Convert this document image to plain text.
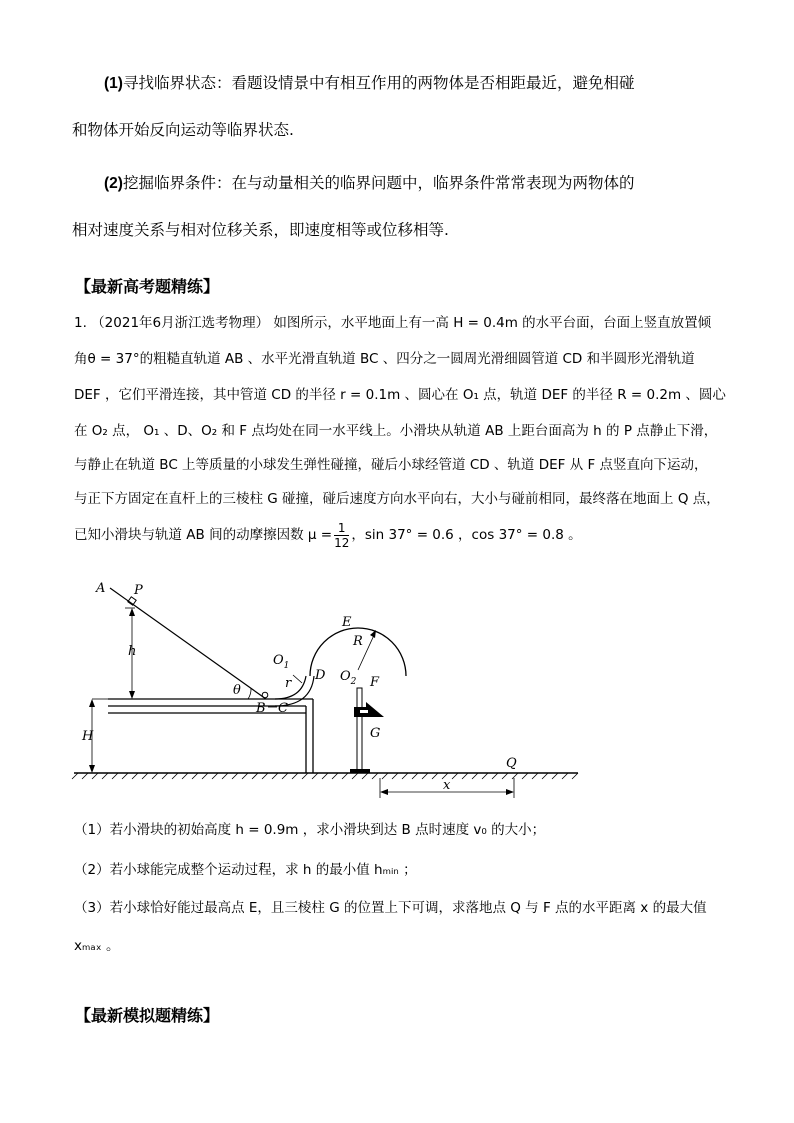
(1)寻找临界状态：看题设情景中有相互作用的两物体是否相距最近，避免相碰
和物体开始反向运动等临界状态.
(2)挖掘临界条件：在与动量相关的临界问题中，临界条件常常表现为两物体的
相对速度关系与相对位移关系，即速度相等或位移相等.
【最新高考题精练】
1. （2021年6月浙江选考物理） 如图所示，水平地面上有一高 H = 0.4m 的水平台面，台面上竖直放置倾
角θ = 37°的粗糙直轨道 AB 、水平光滑直轨道 BC 、四分之一圆周光滑细圆管道 CD 和半圆形光滑轨道
DEF ，它们平滑连接，其中管道 CD 的半径 r = 0.1m 、圆心在 O₁ 点，轨道 DEF 的半径 R = 0.2m 、圆心
在 O₂ 点， O₁ 、D、O₂ 和 F 点均处在同一水平线上。小滑块从轨道 AB 上距台面高为 h 的 P 点静止下滑，
与静止在轨道 BC 上等质量的小球发生弹性碰撞，碰后小球经管道 CD 、轨道 DEF 从 F 点竖直向下运动，
与正下方固定在直杆上的三棱柱 G 碰撞，碰后速度方向水平向右，大小与碰前相同，最终落在地面上 Q 点，
已知小滑块与轨道 AB 间的动摩擦因数 $\mu = \frac{1}{12}$ ，sin 37° = 0.6 ，cos 37° = 0.8 。
H
A P
h
θ
B C
r
$O_1$
D
E
R
$O_2$ F
G
x
Q
（1）若小滑块的初始高度 h = 0.9m ，求小滑块到达 B 点时速度 v₀ 的大小；
（2）若小球能完成整个运动过程，求 h 的最小值 hₘᵢₙ ；
（3）若小球恰好能过最高点 E，且三棱柱 G 的位置上下可调，求落地点 Q 与 F 点的水平距离 x 的最大值
xₘₐₓ 。
【最新模拟题精练】
